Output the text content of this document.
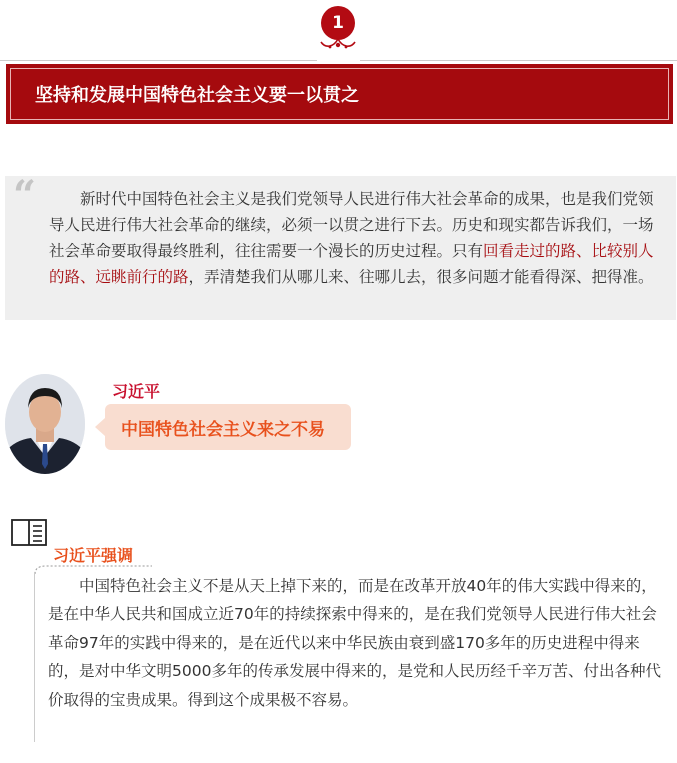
1
坚持和发展中国特色社会主义要一以贯之
“	新时代中国特色社会主义是我们党领导人民进行伟大社会革命的成果，也是我们党领导人民进行伟大社会革命的继续，必须一以贯之进行下去。历史和现实都告诉我们，一场社会革命要取得最终胜利，往往需要一个漫长的历史过程。只有回看走过的路、比较别人的路、远眺前行的路，弄清楚我们从哪儿来、往哪儿去，很多问题才能看得深、把得准。

习近平
中国特色社会主义来之不易
习近平强调

中国特色社会主义不是从天上掉下来的，而是在改革开放40年的伟大实践中得来的，是在中华人民共和国成立近70年的持续探索中得来的，是在我们党领导人民进行伟大社会革命97年的实践中得来的，是在近代以来中华民族由衰到盛170多年的历史进程中得来的，是对中华文明5000多年的传承发展中得来的，是党和人民历经千辛万苦、付出各种代价取得的宝贵成果。得到这个成果极不容易。
